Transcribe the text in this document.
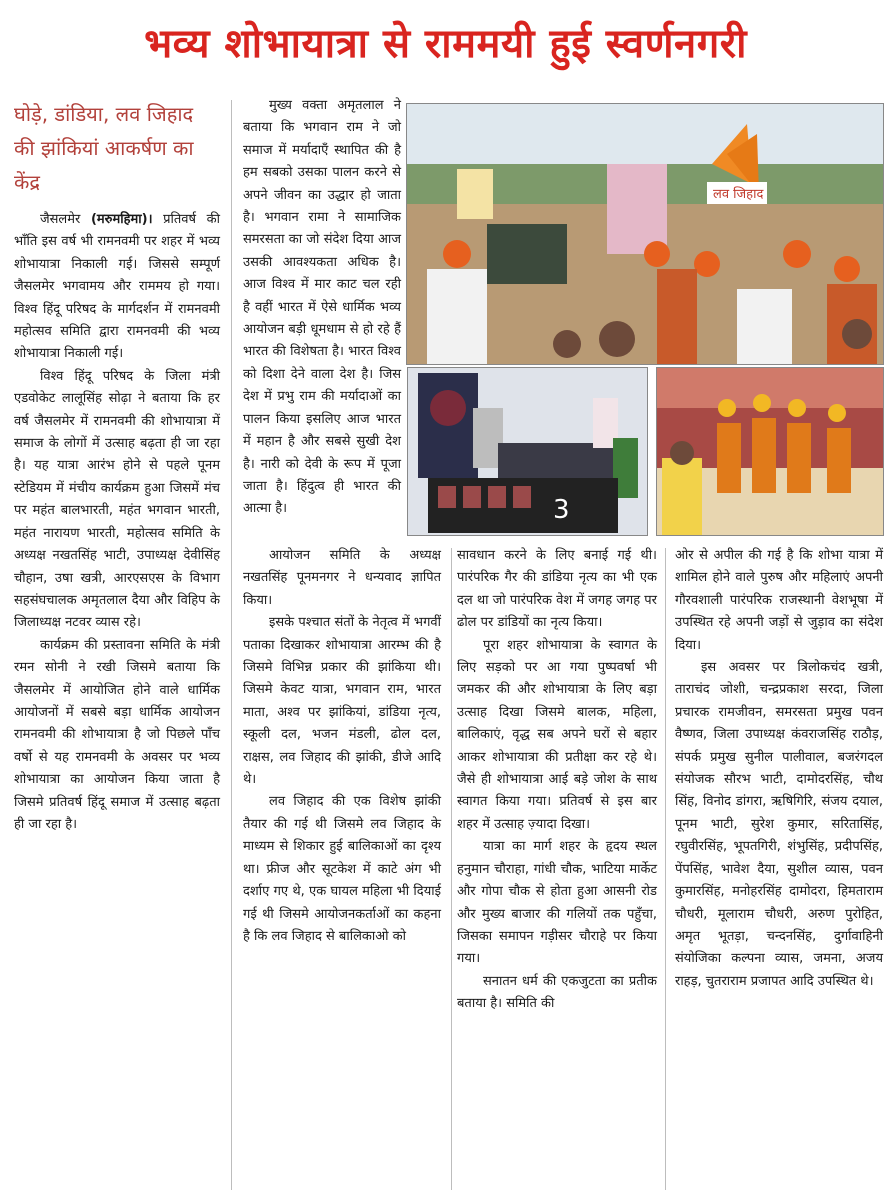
भव्य शोभायात्रा से राममयी हुई स्वर्णनगरी
घोड़े, डांडिया, लव जिहाद की झांकियां आकर्षण का केंद्र

जैसलमेर (मरुमहिमा)। प्रतिवर्ष की भाँति इस वर्ष भी रामनवमी पर शहर में भव्य शोभायात्रा निकाली गई। जिससे सम्पूर्ण जैसलमेर भगवामय और राममय हो गया। विश्व हिंदू परिषद के मार्गदर्शन में रामनवमी महोत्सव समिति द्वारा रामनवमी की भव्य शोभायात्रा निकाली गई।

विश्व हिंदू परिषद के जिला मंत्री एडवोकेट लालूसिंह सोढ़ा ने बताया कि हर वर्ष जैसलमेर में रामनवमी की शोभायात्रा में समाज के लोगों में उत्साह बढ़ता ही जा रहा है। यह यात्रा आरंभ होने से पहले पूनम स्टेडियम में मंचीय कार्यक्रम हुआ जिसमें मंच पर महंत बालभारती, महंत भगवान भारती, महंत नारायण भारती, महोत्सव समिति के अध्यक्ष नखतसिंह भाटी, उपाध्यक्ष देवीसिंह चौहान, उषा खत्री, आरएसएस के विभाग सहसंघचालक अमृतलाल दैया और विहिप के जिलाध्यक्ष नटवर व्यास रहे।

कार्यक्रम की प्रस्तावना समिति के मंत्री रमन सोनी ने रखी जिसमे बताया कि जैसलमेर में आयोजित होने वाले धार्मिक आयोजनों में सबसे बड़ा धार्मिक आयोजन रामनवमी की शोभायात्रा है जो पिछले पाँच वर्षो से यह रामनवमी के अवसर पर भव्य शोभायात्रा का आयोजन किया जाता है जिसमे प्रतिवर्ष हिंदू समाज में उत्साह बढ़ता ही जा रहा है।

मुख्य वक्ता अमृतलाल ने बताया कि भगवान राम ने जो समाज में मर्यादाएँ स्थापित की है हम सबको उसका पालन करने से अपने जीवन का उद्धार हो जाता है। भगवान रामा ने सामाजिक समरसता का जो संदेश दिया आज उसकी आवश्यकता अधिक है। आज विश्व में मार काट चल रही है वहीं भारत में ऐसे धार्मिक भव्य आयोजन बड़ी धूमधाम से हो रहे हैं भारत की विशेषता है। भारत विश्व को दिशा देने वाला देश है। जिस देश में प्रभु राम की मर्यादाओं का पालन किया इसलिए आज भारत में महान है और सबसे सुखी देश है। नारी को देवी के रूप में पूजा जाता है। हिंदुत्व ही भारत की आत्मा है।

आयोजन समिति के अध्यक्ष नखतसिंह पूनमनगर ने धन्यवाद ज्ञापित किया।

इसके पश्चात संतों के नेतृत्व में भगवीं पताका दिखाकर शोभायात्रा आरम्भ की है जिसमे विभिन्न प्रकार की झांकिया थी। जिसमे केवट यात्रा, भगवान राम, भारत माता, अश्व पर झांकियां, डांडिया नृत्य, स्कूली दल, भजन मंडली, ढोल दल, राक्षस, लव जिहाद की झांकी, डीजे आदि थे।

लव जिहाद की एक विशेष झांकी तैयार की गई थी जिसमे लव जिहाद के माध्यम से शिकार हुई बालिकाओं का दृश्य था। फ्रीज और सूटकेश में काटे अंग भी दर्शाए गए थे, एक घायल महिला भी दियाई गई थी जिसमे आयोजनकर्ताओं का कहना है कि लव जिहाद से बालिकाओ को

लव जिहाद
3

सावधान करने के लिए बनाई गई थी। पारंपरिक गैर की डांडिया नृत्य का भी एक दल था जो पारंपरिक वेश में जगह जगह पर ढोल पर डांडियों का नृत्य किया।

पूरा शहर शोभायात्रा के स्वागत के लिए सड़को पर आ गया पुष्पवर्षा भी जमकर की और शोभायात्रा के लिए बड़ा उत्साह दिखा जिसमे बालक, महिला, बालिकाएं, वृद्ध सब अपने घरों से बहार आकर शोभायात्रा की प्रतीक्षा कर रहे थे। जैसे ही शोभायात्रा आई बड़े जोश के साथ स्वागत किया गया। प्रतिवर्ष से इस बार शहर में उत्साह ज़्यादा दिखा।

यात्रा का मार्ग शहर के हृदय स्थल हनुमान चौराहा, गांधी चौक, भाटिया मार्केट और गोपा चौक से होता हुआ आसनी रोड और मुख्य बाजार की गलियों तक पहुँचा, जिसका समापन गड़ीसर चौराहे पर किया गया।

सनातन धर्म की एकजुटता का प्रतीक बताया है। समिति की

ओर से अपील की गई है कि शोभा यात्रा में शामिल होने वाले पुरुष और महिलाएं अपनी गौरवशाली पारंपरिक राजस्थानी वेशभूषा में उपस्थित रहे अपनी जड़ों से जुड़ाव का संदेश दिया।

इस अवसर पर त्रिलोकचंद खत्री, ताराचंद जोशी, चन्द्रप्रकाश सरदा, जिला प्रचारक रामजीवन, समरसता प्रमुख पवन वैष्णव, जिला उपाध्यक्ष कंवराजसिंह राठौड़, संपर्क प्रमुख सुनील पालीवाल, बजरंगदल संयोजक सौरभ भाटी, दामोदरसिंह, चौथ सिंह, विनोद डांगरा, ऋषिगिरि, संजय दयाल, पूनम भाटी, सुरेश कुमार, सरितासिंह, रघुवीरसिंह, भूपतगिरी, शंभुसिंह, प्रदीपसिंह, पेंपसिंह, भावेश दैया, सुशील व्यास, पवन कुमारसिंह, मनोहरसिंह दामोदरा, हिमताराम चौधरी, मूलाराम चौधरी, अरुण पुरोहित, अमृत भूतड़ा, चन्दनसिंह, दुर्गावाहिनी संयोजिका कल्पना व्यास, जमना, अजय राहड़, चुतराराम प्रजापत आदि उपस्थित थे।
